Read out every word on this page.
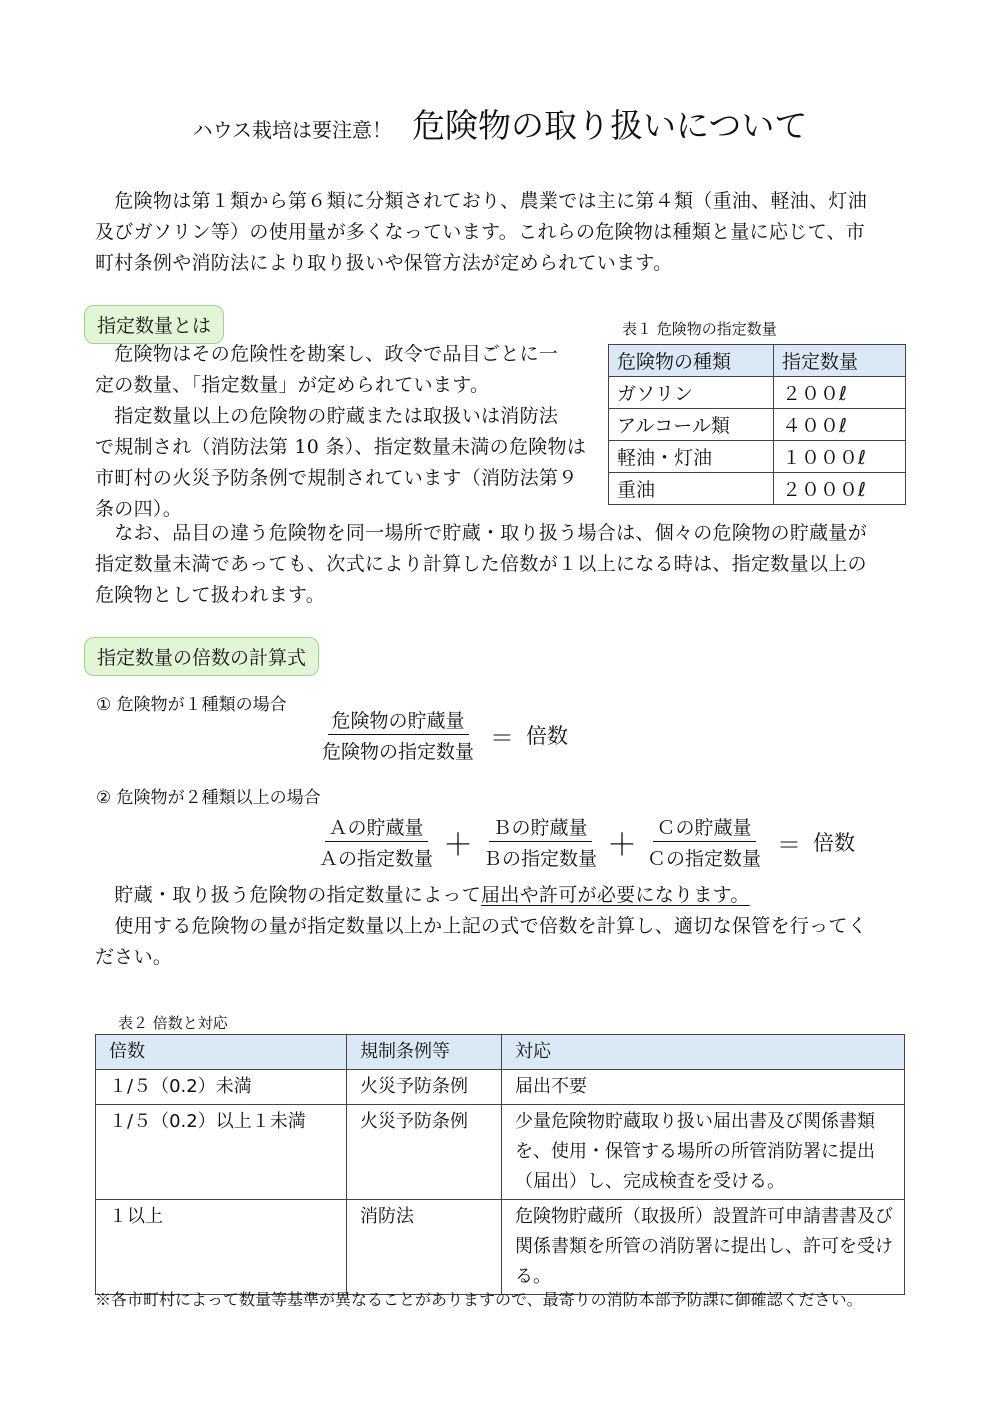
ハウス栽培は要注意！ 危険物の取り扱いについて
　危険物は第１類から第６類に分類されており、農業では主に第４類（重油、軽油、灯油
及びガソリン等）の使用量が多くなっています。これらの危険物は種類と量に応じて、市
町村条例や消防法により取り扱いや保管方法が定められています。
指定数量とは
　危険物はその危険性を勘案し、政令で品目ごとに一
定の数量、「指定数量」が定められています。
　指定数量以上の危険物の貯蔵または取扱いは消防法
で規制され（消防法第 10 条）、指定数量未満の危険物は
市町村の火災予防条例で規制されています（消防法第９
条の四）。
表１ 危険物の指定数量
危険物の種類	指定数量
ガソリン	２００ℓ
アルコール類	４００ℓ
軽油・灯油	１０００ℓ
重油	２０００ℓ
　なお、品目の違う危険物を同一場所で貯蔵・取り扱う場合は、個々の危険物の貯蔵量が
指定数量未満であっても、次式により計算した倍数が１以上になる時は、指定数量以上の
危険物として扱われます。
指定数量の倍数の計算式
① 危険物が１種類の場合
$\frac{\text{危険物の貯蔵量}}{\text{危険物の指定数量}}$ ＝ 倍数
② 危険物が２種類以上の場合
$\frac{\text{Ａの貯蔵量}}{\text{Ａの指定数量}} + \frac{\text{Ｂの貯蔵量}}{\text{Ｂの指定数量}} + \frac{\text{Ｃの貯蔵量}}{\text{Ｃの指定数量}}$ ＝ 倍数
　貯蔵・取り扱う危険物の指定数量によって届出や許可が必要になります。
　使用する危険物の量が指定数量以上か上記の式で倍数を計算し、適切な保管を行ってく
ださい。
表２ 倍数と対応
倍数	規制条例等	対応
１/５（0.2）未満	火災予防条例	届出不要
１/５（0.2）以上１未満	火災予防条例	少量危険物貯蔵取り扱い届出書及び関係書類を、使用・保管する場所の所管消防署に提出（届出）し、完成検査を受ける。
１以上	消防法	危険物貯蔵所（取扱所）設置許可申請書書及び関係書類を所管の消防署に提出し、許可を受ける。
※各市町村によって数量等基準が異なることがありますので、最寄りの消防本部予防課に御確認ください。
